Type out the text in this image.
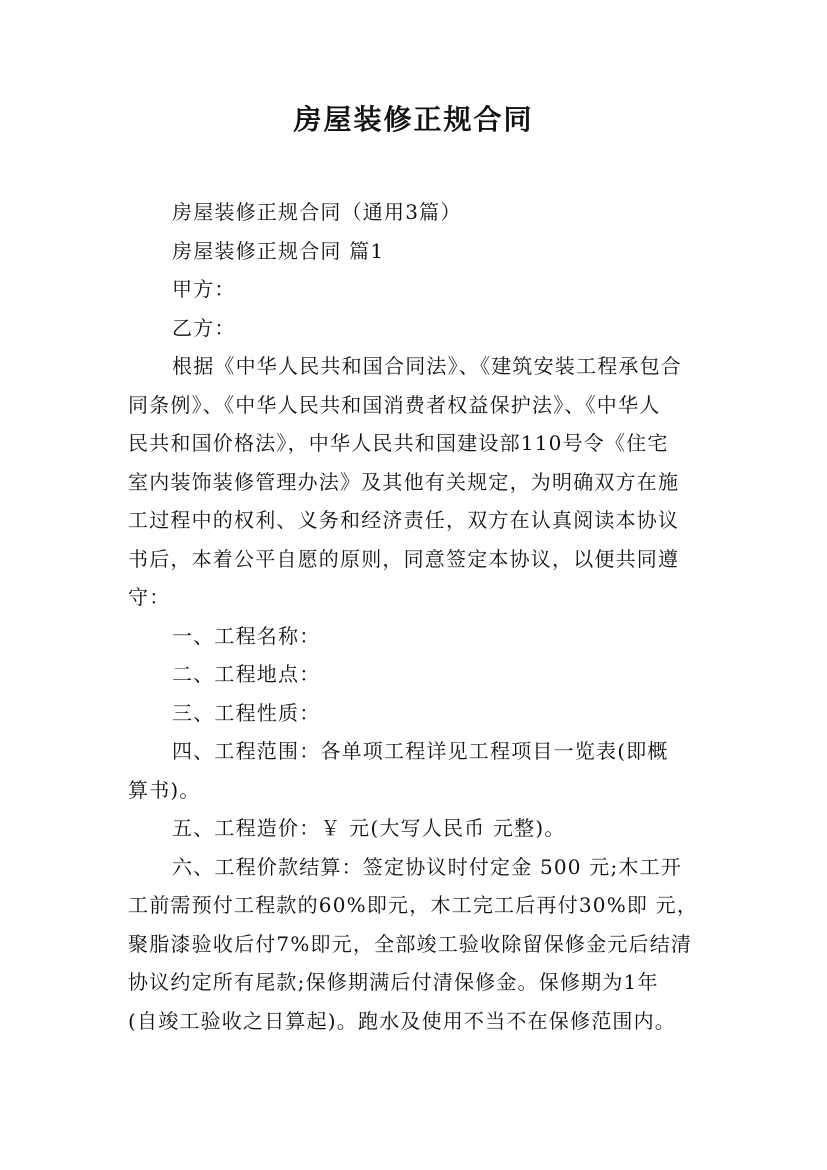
房屋装修正规合同
房屋装修正规合同（通用3篇）
房屋装修正规合同 篇1
甲方：
乙方：
根据《中华人民共和国合同法》、《建筑安装工程承包合
同条例》、《中华人民共和国消费者权益保护法》、《中华人
民共和国价格法》，中华人民共和国建设部110号令《住宅
室内装饰装修管理办法》及其他有关规定，为明确双方在施
工过程中的权利、义务和经济责任，双方在认真阅读本协议
书后，本着公平自愿的原则，同意签定本协议，以便共同遵
守：
一、工程名称：
二、工程地点：
三、工程性质：
四、工程范围：各单项工程详见工程项目一览表(即概
算书)。
五、工程造价：￥ 元(大写人民币 元整)。
六、工程价款结算：签定协议时付定金 500 元;木工开
工前需预付工程款的60%即元，木工完工后再付30%即 元，
聚脂漆验收后付7%即元，全部竣工验收除留保修金元后结清
协议约定所有尾款;保修期满后付清保修金。保修期为1年
(自竣工验收之日算起)。跑水及使用不当不在保修范围内。
